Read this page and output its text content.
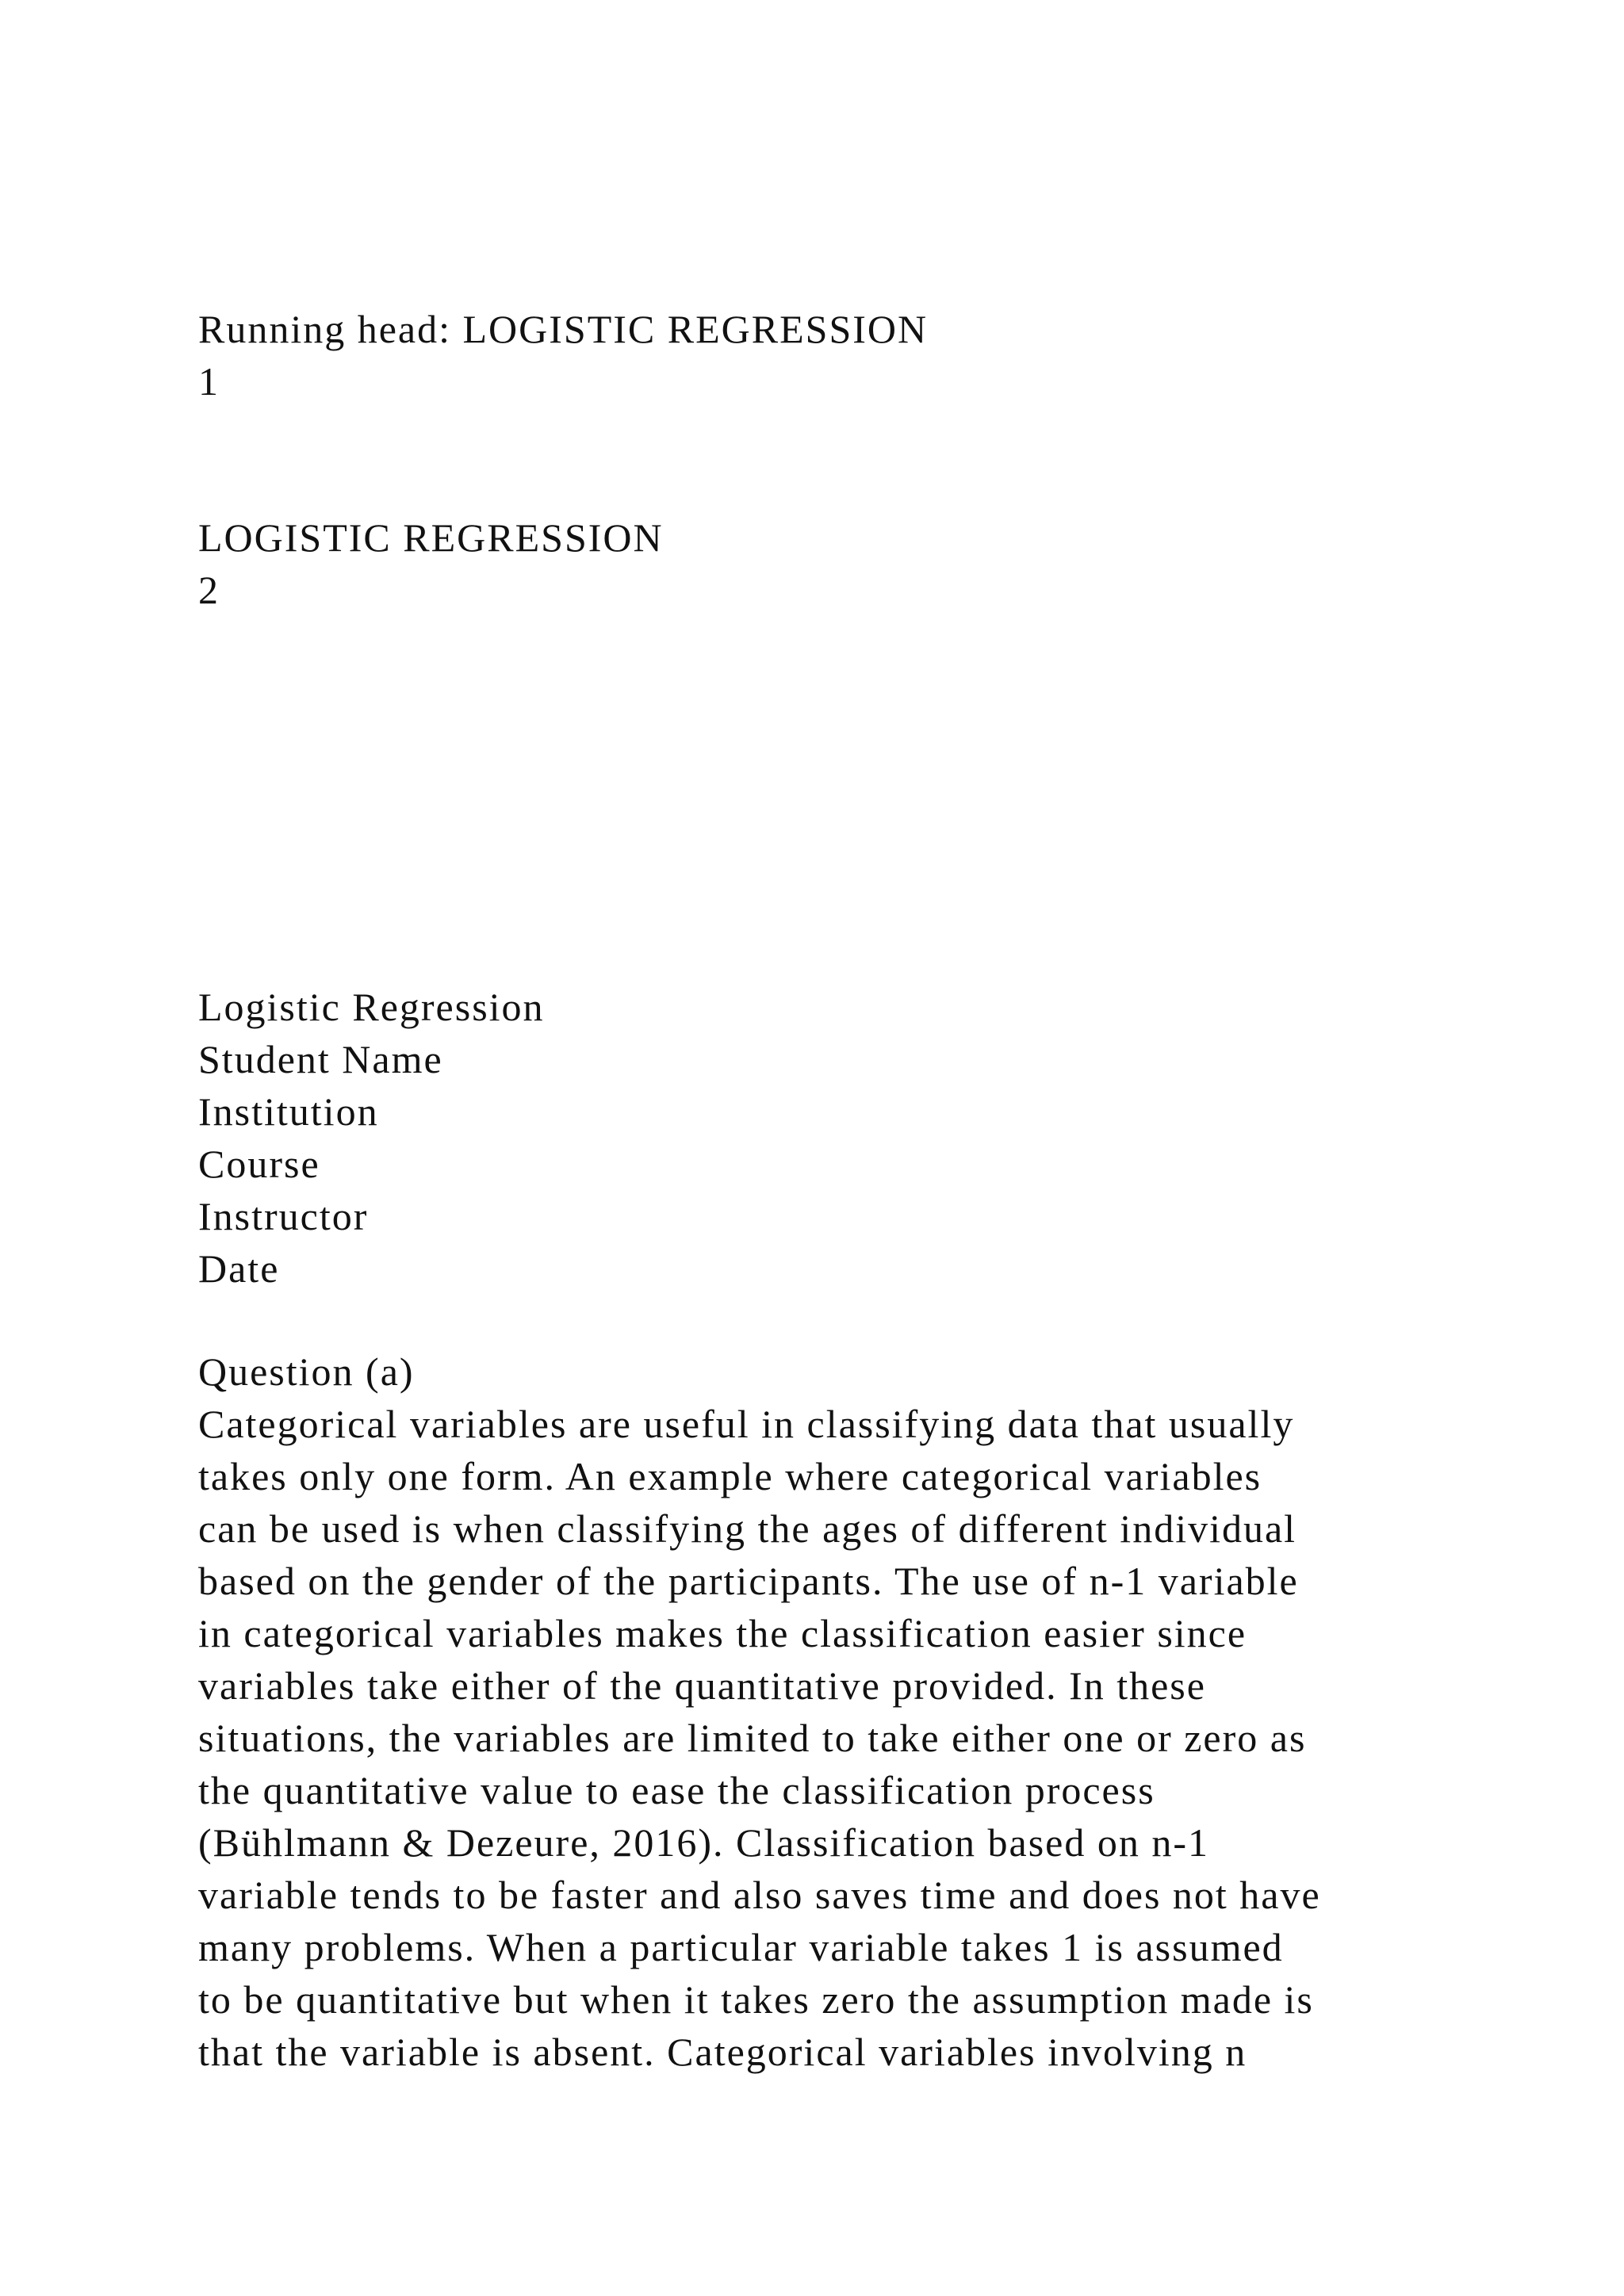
Running head: LOGISTIC REGRESSION

1

LOGISTIC REGRESSION

2

Logistic Regression
Student Name
Institution
Course
Instructor
Date
Question (a)
Categorical variables are useful in classifying data that usually
takes only one form. An example where categorical variables
can be used is when classifying the ages of different individual
based on the gender of the participants. The use of n-1 variable
in categorical variables makes the classification easier since
variables take either of the quantitative provided. In these
situations, the variables are limited to take either one or zero as
the quantitative value to ease the classification process
(Bühlmann & Dezeure, 2016). Classification based on n-1
variable tends to be faster and also saves time and does not have
many problems. When a particular variable takes 1 is assumed
to be quantitative but when it takes zero the assumption made is
that the variable is absent. Categorical variables involving n
